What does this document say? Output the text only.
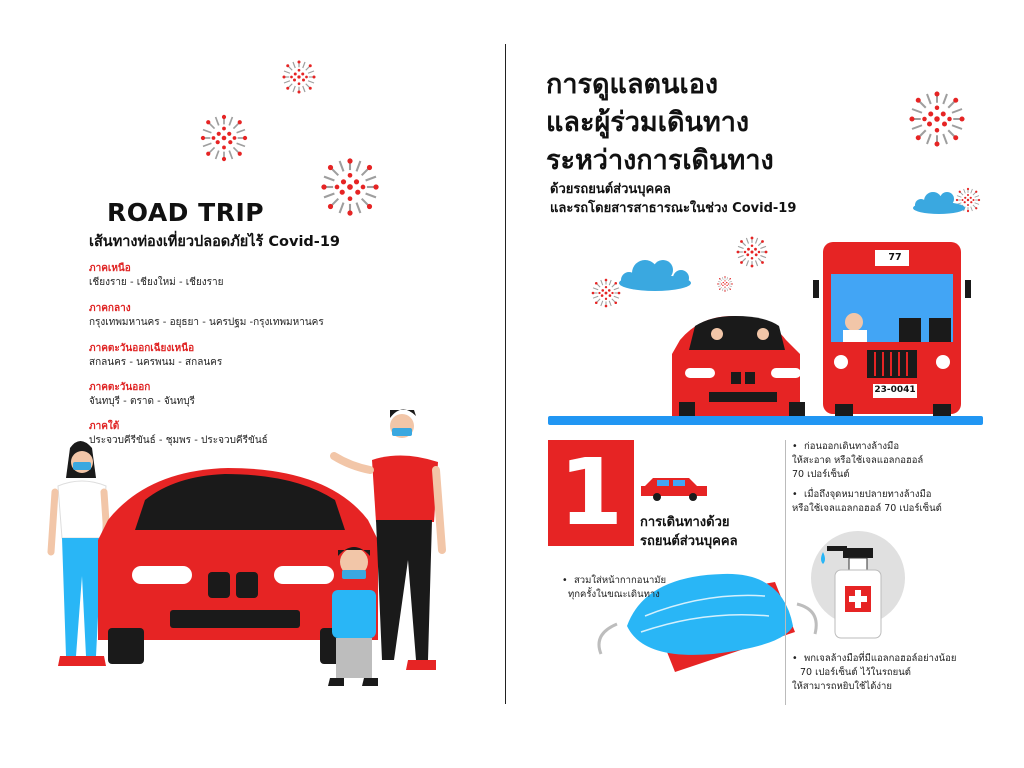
ROAD TRIP
เส้นทางท่องเที่ยวปลอดภัยไร้ Covid-19
ภาคเหนือ
เชียงราย - เชียงใหม่ - เชียงราย
ภาคกลาง
กรุงเทพมหานคร - อยุธยา - นครปฐม -กรุงเทพมหานคร
ภาคตะวันออกเฉียงเหนือ
สกลนคร - นครพนม - สกลนคร
ภาคตะวันออก
จันทบุรี - ตราด - จันทบุรี
ภาคใต้
ประจวบคีรีขันธ์ - ชุมพร - ประจวบคีรีขันธ์
การดูแลตนเอง
และผู้ร่วมเดินทาง
ระหว่างการเดินทาง
ด้วยรถยนต์ส่วนบุคคล
และรถโดยสารสาธารณะในช่วง Covid-19
77
23-0041
1	การเดินทางด้วย
รถยนต์ส่วนบุคคล
• สวมใส่หน้ากากอนามัย
ทุกครั้งในขณะเดินทาง
• ก่อนออกเดินทางล้างมือ
ให้สะอาด หรือใช้เจลแอลกอฮอล์
70 เปอร์เซ็นต์
• เมื่อถึงจุดหมายปลายทางล้างมือ
หรือใช้เจลแอลกอฮอล์ 70 เปอร์เซ็นต์
• พกเจลล้างมือที่มีแอลกอฮอล์อย่างน้อย
70 เปอร์เซ็นต์ ไว้ในรถยนต์
ให้สามารถหยิบใช้ได้ง่าย
